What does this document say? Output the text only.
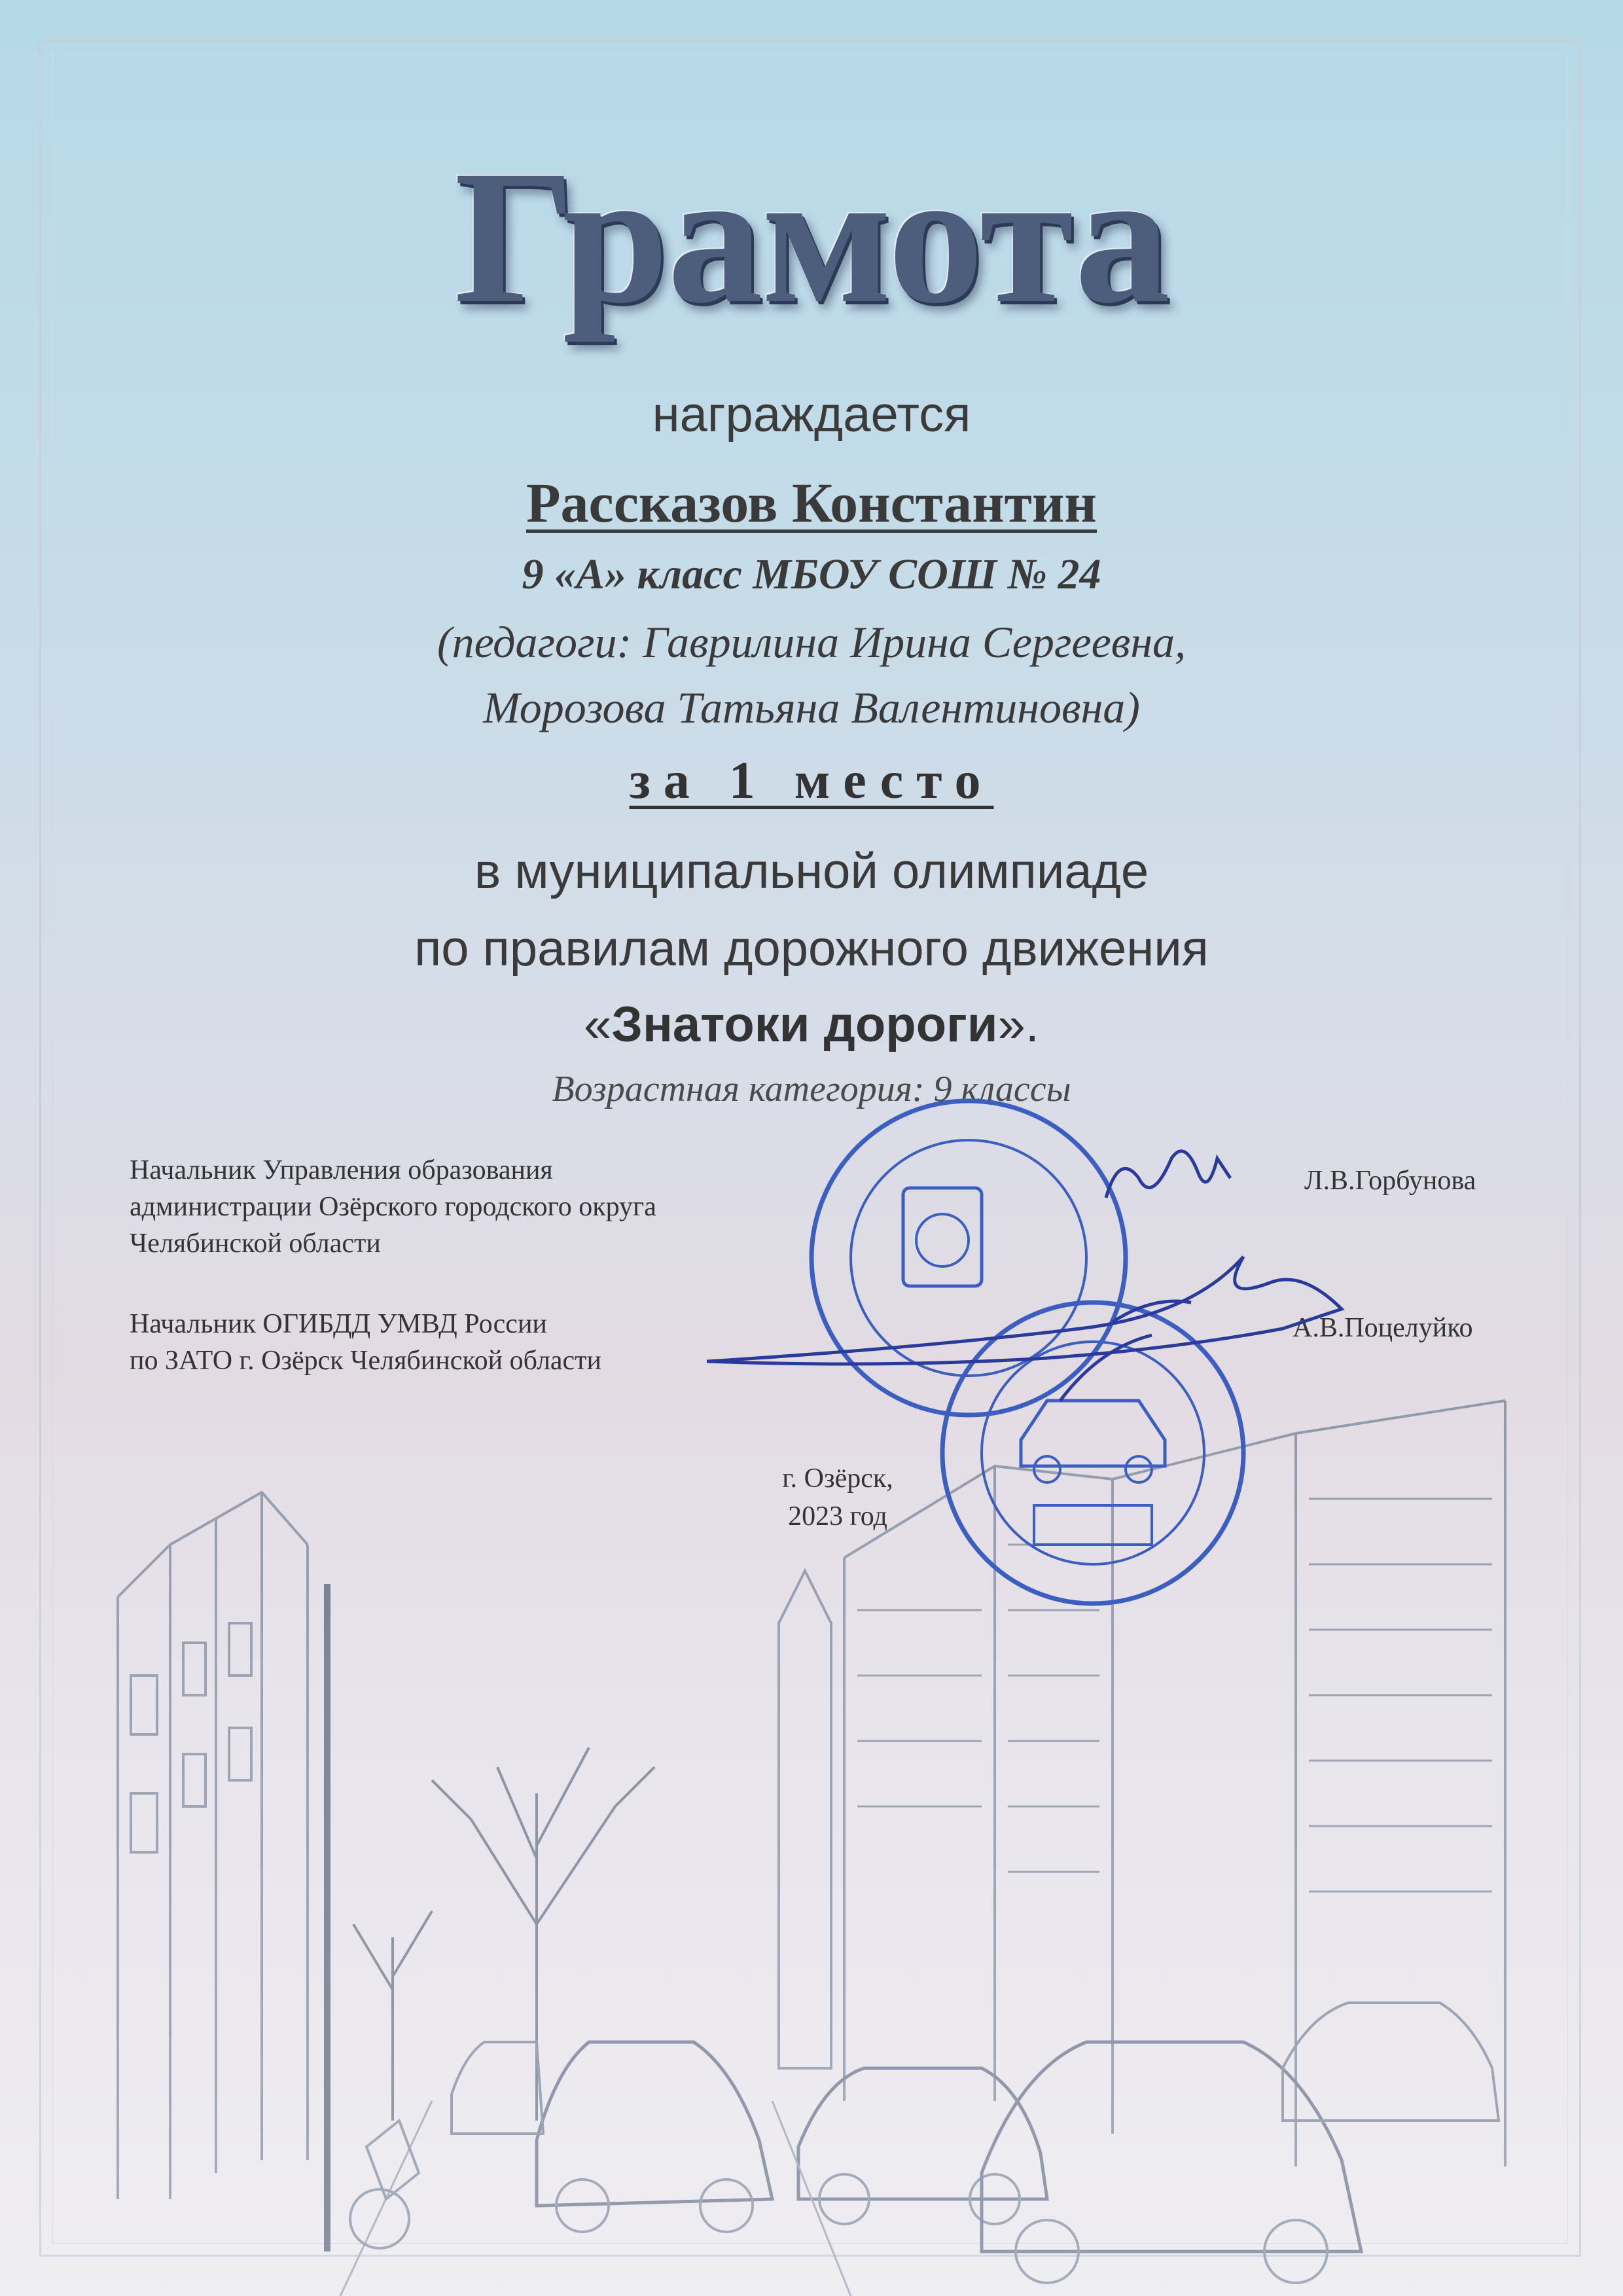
Грамота
награждается
Рассказов Константин
9 «А» класс МБОУ СОШ № 24
(педагоги: Гаврилина Ирина Сергеевна,
Морозова Татьяна Валентиновна)
за 1 место
в муниципальной олимпиаде
по правилам дорожного движения
«Знатоки дороги».
Возрастная категория: 9 классы
Начальник Управления образования
администрации Озёрского городского округа
Челябинской области
Л.В.Горбунова
Начальник ОГИБДД УМВД России
по ЗАТО г. Озёрск Челябинской области
А.В.Поцелуйко
г. Озёрск,
2023 год
